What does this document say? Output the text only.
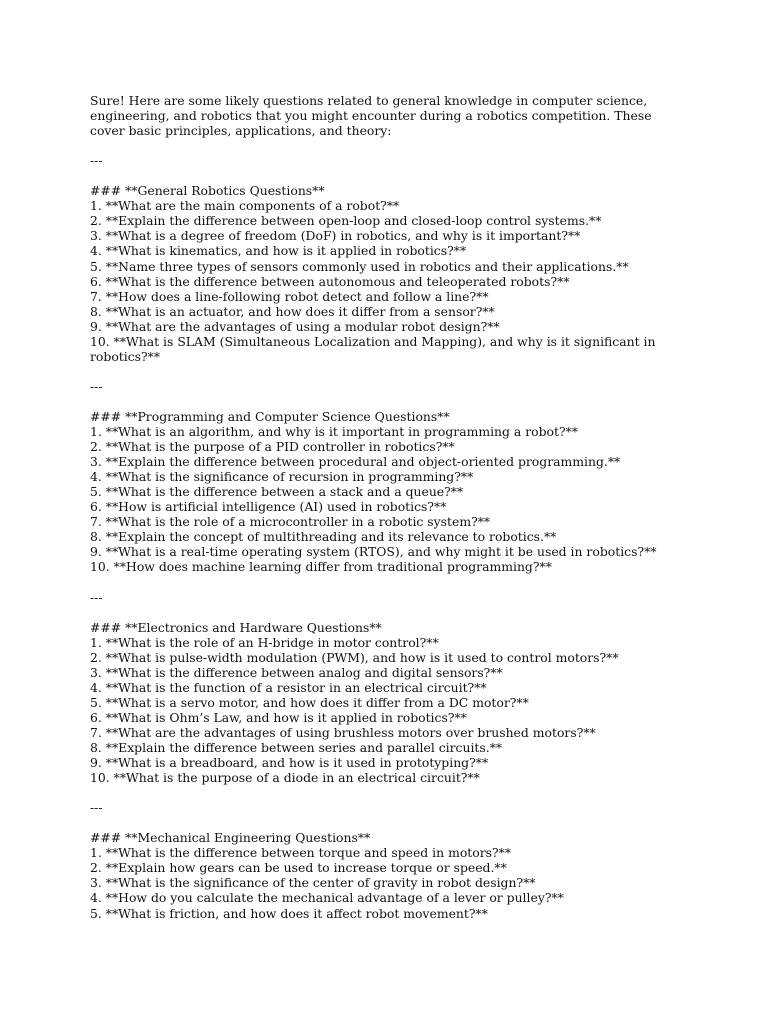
Sure! Here are some likely questions related to general knowledge in computer science,
engineering, and robotics that you might encounter during a robotics competition. These
cover basic principles, applications, and theory:
---
### **General Robotics Questions**
1. **What are the main components of a robot?**
2. **Explain the difference between open-loop and closed-loop control systems.**
3. **What is a degree of freedom (DoF) in robotics, and why is it important?**
4. **What is kinematics, and how is it applied in robotics?**
5. **Name three types of sensors commonly used in robotics and their applications.**
6. **What is the difference between autonomous and teleoperated robots?**
7. **How does a line-following robot detect and follow a line?**
8. **What is an actuator, and how does it differ from a sensor?**
9. **What are the advantages of using a modular robot design?**
10. **What is SLAM (Simultaneous Localization and Mapping), and why is it significant in
robotics?**
---
### **Programming and Computer Science Questions**
1. **What is an algorithm, and why is it important in programming a robot?**
2. **What is the purpose of a PID controller in robotics?**
3. **Explain the difference between procedural and object-oriented programming.**
4. **What is the significance of recursion in programming?**
5. **What is the difference between a stack and a queue?**
6. **How is artificial intelligence (AI) used in robotics?**
7. **What is the role of a microcontroller in a robotic system?**
8. **Explain the concept of multithreading and its relevance to robotics.**
9. **What is a real-time operating system (RTOS), and why might it be used in robotics?**
10. **How does machine learning differ from traditional programming?**
---
### **Electronics and Hardware Questions**
1. **What is the role of an H-bridge in motor control?**
2. **What is pulse-width modulation (PWM), and how is it used to control motors?**
3. **What is the difference between analog and digital sensors?**
4. **What is the function of a resistor in an electrical circuit?**
5. **What is a servo motor, and how does it differ from a DC motor?**
6. **What is Ohm’s Law, and how is it applied in robotics?**
7. **What are the advantages of using brushless motors over brushed motors?**
8. **Explain the difference between series and parallel circuits.**
9. **What is a breadboard, and how is it used in prototyping?**
10. **What is the purpose of a diode in an electrical circuit?**
---
### **Mechanical Engineering Questions**
1. **What is the difference between torque and speed in motors?**
2. **Explain how gears can be used to increase torque or speed.**
3. **What is the significance of the center of gravity in robot design?**
4. **How do you calculate the mechanical advantage of a lever or pulley?**
5. **What is friction, and how does it affect robot movement?**
